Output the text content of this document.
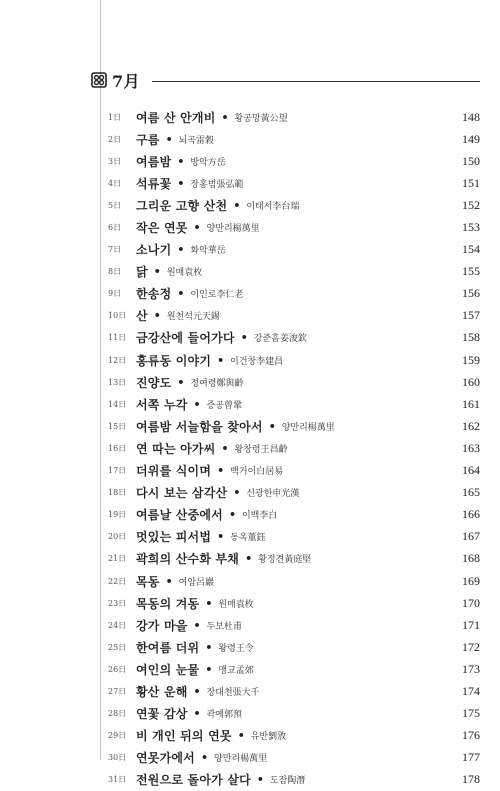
7月
1日	여름 산 안개비 • 황공망黃公望	148
2日	구름 • 뇌곡雷穀	149
3日	여름밤 • 방악方岳	150
4日	석류꽃 • 장홍범張弘範	151
5日	그리운 고향 산천 • 이태서李台瑞	152
6日	작은 연못 • 양만리楊萬里	153
7日	소나기 • 화악華岳	154
8日	닭 • 원매袁枚	155
9日	한송정 • 이인로李仁老	156
10日 산 • 원천석元天錫	157
11日 금강산에 들어가다 • 강준흠姜浚欽	158
12日 홍류동 이야기 • 이건창李建昌	159
13日 진양도 • 정여령鄭與齡	160
14日 서쪽 누각 • 증공曾鞏	161
15日 여름밤 서늘함을 찾아서 • 양만리楊萬里	162
16日 연 따는 아가씨 • 왕창령王昌齡	163
17日 더위를 식이며 • 백거이白居易	164
18日 다시 보는 삼각산 • 신광한申光漢	165
19日 여름날 산중에서 • 이백李白	166
20日 멋있는 피서법 • 동옥董鈺	167
21日 곽희의 산수화 부채 • 황정견黃庭堅	168
22日 목동 • 여암呂巖	169
23日 목동의 겨동 • 원매袁枚	170
24日 강가 마을 • 두보杜甫	171
25日 한여름 더위 • 왕령王令	172
26日 여인의 눈물 • 맹교孟郊	173
27日 황산 운해 • 장대천張大千	174
28日 연꽃 감상 • 곽예郭預	175
29日 비 개인 뒤의 연못 • 유반劉攽	176
30日 연못가에서 • 양만리楊萬里	177
31日 전원으로 돌아가 살다 • 도잠陶潛	178
